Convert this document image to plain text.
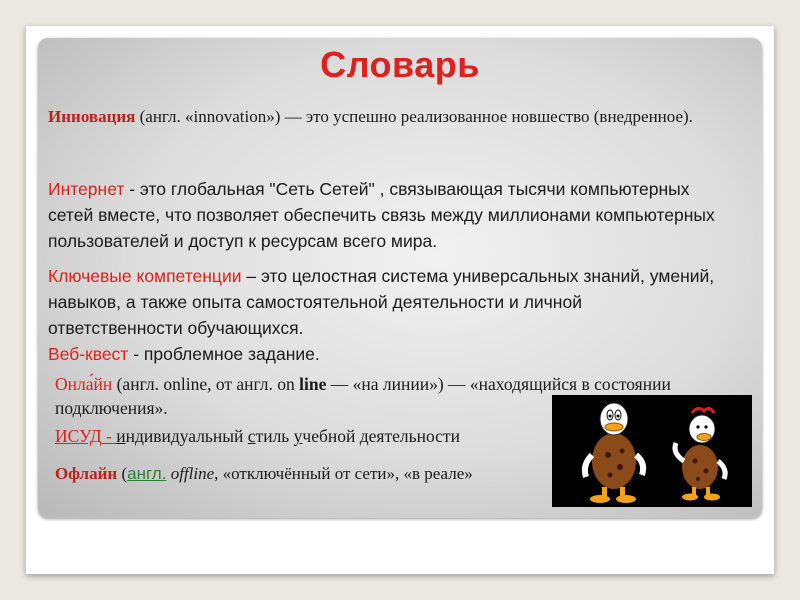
Словарь
Инновация (англ. «innovation») — это успешно реализованное новшество (внедренное).
Интернет - это глобальная "Сеть Сетей" , связывающая тысячи компьютерных сетей вместе, что позволяет обеспечить связь между миллионами компьютерных пользователей и доступ к ресурсам всего мира.
Ключевые компетенции – это целостная система универсальных знаний, умений, навыков, а также опыта самостоятельной деятельности и личной ответственности обучающихся.
Веб-квест - проблемное задание.
Онла́йн (англ. online, от англ. on line — «на линии») — «находящийся в состоянии подключения».
ИСУД - индивидуальный стиль учебной деятельности
Офлайн (англ. offline, «отключённый от сети», «в реале»
